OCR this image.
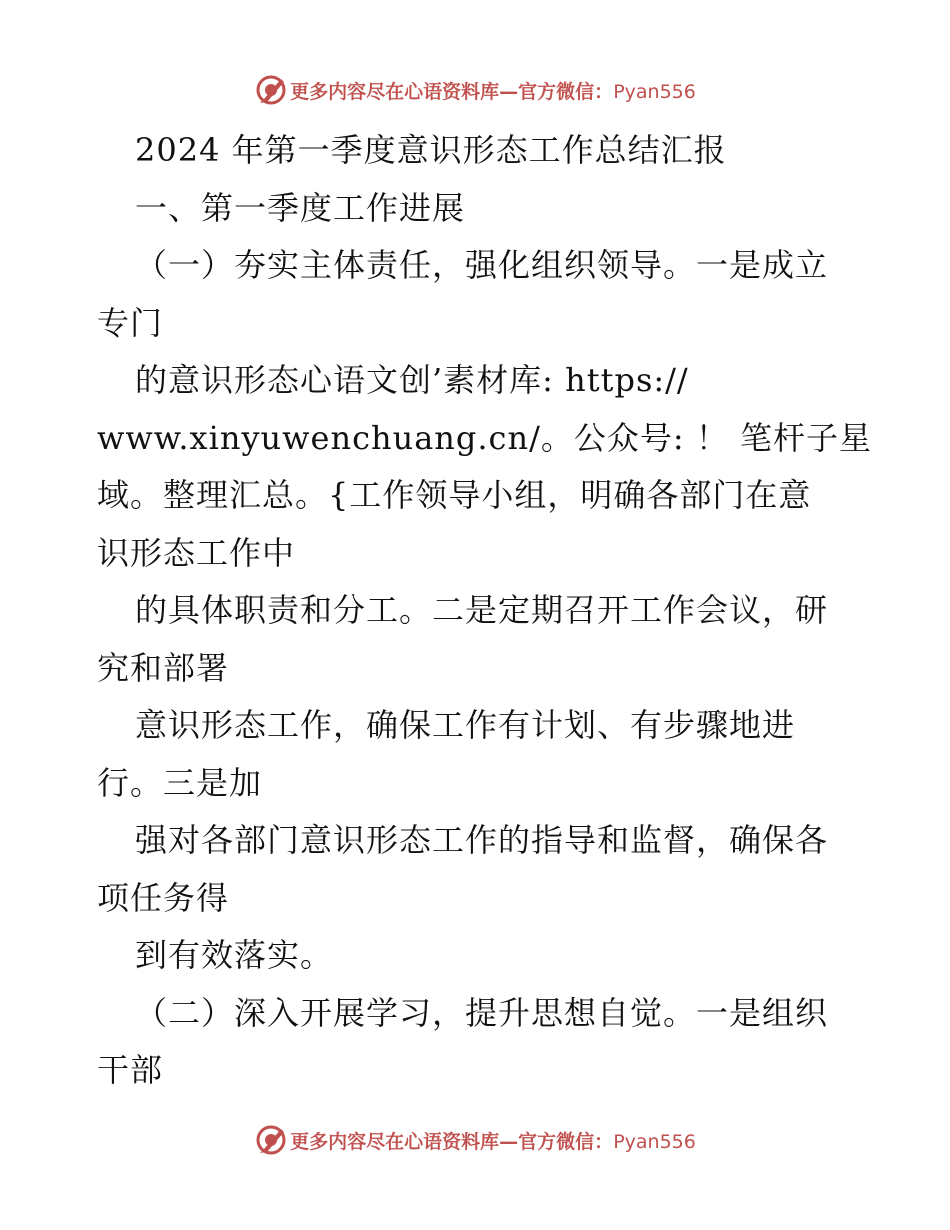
更多内容尽在心语资料库—官方微信：Pyan556
2024 年第一季度意识形态工作总结汇报
一、第一季度工作进展
（一）夯实主体责任，强化组织领导。一是成立
专门
的意识形态心语文创’素材库: https://
www.xinyuwenchuang.cn/。公众号: ！ 笔杆子星
域。整理汇总。{工作领导小组，明确各部门在意
识形态工作中
的具体职责和分工。二是定期召开工作会议，研
究和部署
意识形态工作，确保工作有计划、有步骤地进
行。三是加
强对各部门意识形态工作的指导和监督，确保各
项任务得
到有效落实。
（二）深入开展学习，提升思想自觉。一是组织
干部
更多内容尽在心语资料库—官方微信：Pyan556
